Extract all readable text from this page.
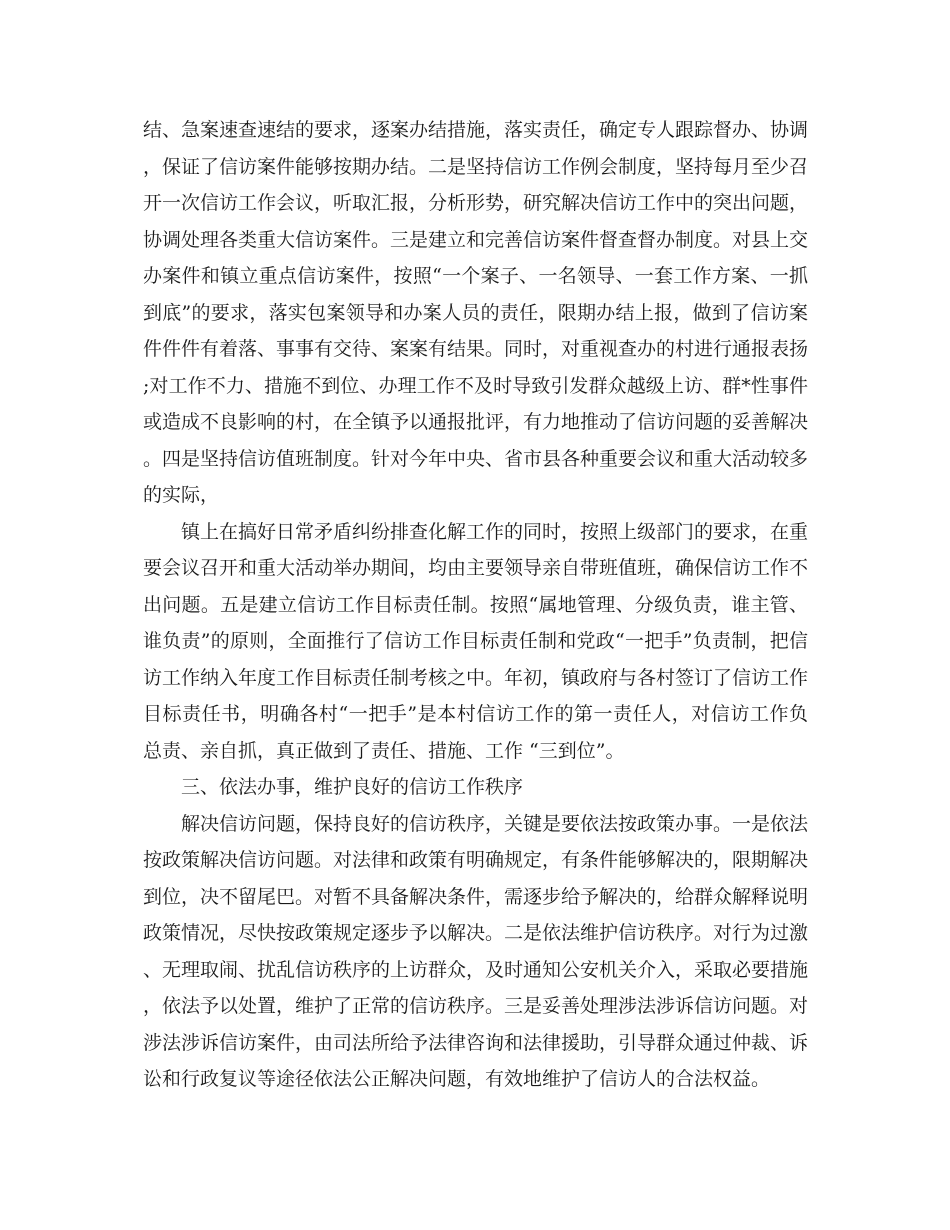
结、急案速查速结的要求，逐案办结措施，落实责任，确定专人跟踪督办、协调，保证了信访案件能够按期办结。二是坚持信访工作例会制度，坚持每月至少召开一次信访工作会议，听取汇报，分析形势，研究解决信访工作中的突出问题，协调处理各类重大信访案件。三是建立和完善信访案件督查督办制度。对县上交办案件和镇立重点信访案件，按照“一个案子、一名领导、一套工作方案、一抓到底”的要求，落实包案领导和办案人员的责任，限期办结上报，做到了信访案件件件有着落、事事有交待、案案有结果。同时，对重视查办的村进行通报表扬;对工作不力、措施不到位、办理工作不及时导致引发群众越级上访、群*性事件或造成不良影响的村，在全镇予以通报批评，有力地推动了信访问题的妥善解决。四是坚持信访值班制度。针对今年中央、省市县各种重要会议和重大活动较多的实际，

镇上在搞好日常矛盾纠纷排查化解工作的同时，按照上级部门的要求，在重要会议召开和重大活动举办期间，均由主要领导亲自带班值班，确保信访工作不出问题。五是建立信访工作目标责任制。按照“属地管理、分级负责，谁主管、谁负责”的原则，全面推行了信访工作目标责任制和党政“一把手”负责制，把信访工作纳入年度工作目标责任制考核之中。年初，镇政府与各村签订了信访工作目标责任书，明确各村“一把手”是本村信访工作的第一责任人，对信访工作负总责、亲自抓，真正做到了责任、措施、工作 “三到位”。

三、依法办事，维护良好的信访工作秩序

解决信访问题，保持良好的信访秩序，关键是要依法按政策办事。一是依法按政策解决信访问题。对法律和政策有明确规定，有条件能够解决的，限期解决到位，决不留尾巴。对暂不具备解决条件，需逐步给予解决的，给群众解释说明政策情况，尽快按政策规定逐步予以解决。二是依法维护信访秩序。对行为过激、无理取闹、扰乱信访秩序的上访群众，及时通知公安机关介入，采取必要措施，依法予以处置，维护了正常的信访秩序。三是妥善处理涉法涉诉信访问题。对涉法涉诉信访案件，由司法所给予法律咨询和法律援助，引导群众通过仲裁、诉讼和行政复议等途径依法公正解决问题，有效地维护了信访人的合法权益。
